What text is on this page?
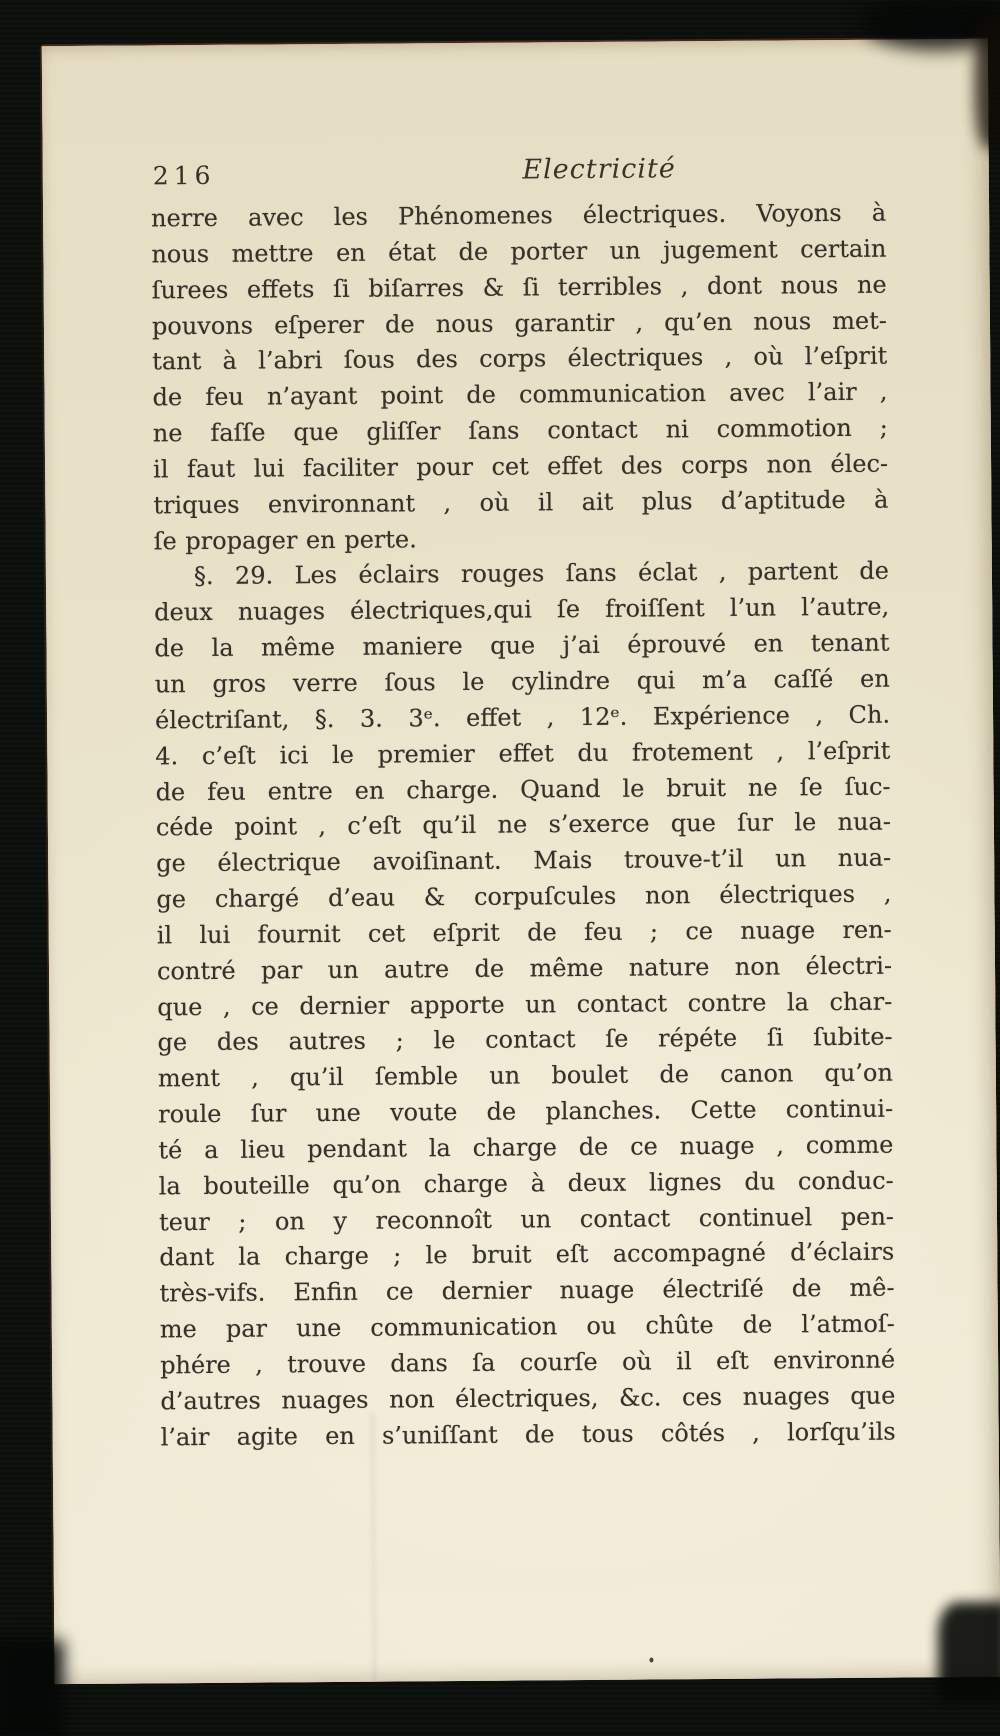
216	Electricité
nerre avec les Phénomenes électriques. Voyons à
nous mettre en état de porter un jugement certain
ſurees effets ſi biſarres & ſi terribles , dont nous ne
pouvons eſperer de nous garantir , qu’en nous met-
tant à l’abri ſous des corps électriques , où l’eſprit
de feu n’ayant point de communication avec l’air ,
ne faſſe que gliſſer ſans contact ni commotion ;
il faut lui faciliter pour cet effet des corps non élec-
triques environnant , où il ait plus d’aptitude à
ſe propager en perte.
§. 29. Les éclairs rouges ſans éclat , partent de
deux nuages électriques,qui ſe froiſſent l’un l’autre,
de la même maniere que j’ai éprouvé en tenant
un gros verre ſous le cylindre qui m’a caſſé en
électriſant, §. 3. 3ᵉ. effet , 12ᵉ. Expérience , Ch.
4. c’eſt ici le premier effet du frotement , l’eſprit
de feu entre en charge. Quand le bruit ne ſe ſuc-
céde point , c’eſt qu’il ne s’exerce que ſur le nua-
ge électrique avoiſinant. Mais trouve-t’il un nua-
ge chargé d’eau & corpuſcules non électriques ,
il lui fournit cet eſprit de feu ; ce nuage ren-
contré par un autre de même nature non électri-
que , ce dernier apporte un contact contre la char-
ge des autres ; le contact ſe répéte ſi ſubite-
ment , qu’il ſemble un boulet de canon qu’on
roule ſur une voute de planches. Cette continui-
té a lieu pendant la charge de ce nuage , comme
la bouteille qu’on charge à deux lignes du conduc-
teur ; on y reconnoît un contact continuel pen-
dant la charge ; le bruit eſt accompagné d’éclairs
très-vifs. Enfin ce dernier nuage électriſé de mê-
me par une communication ou chûte de l’atmoſ-
phére , trouve dans ſa courſe où il eſt environné
d’autres nuages non électriques, &c. ces nuages que
l’air agite en s’uniſſant de tous côtés , lorſqu’ils
